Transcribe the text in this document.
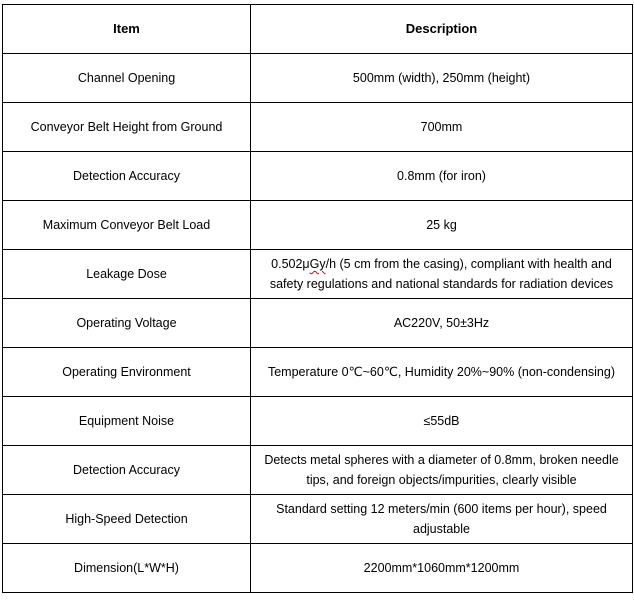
Item	Description
Channel Opening	500mm (width), 250mm (height)
Conveyor Belt Height from Ground	700mm
Detection Accuracy	0.8mm (for iron)
Maximum Conveyor Belt Load	25 kg
Leakage Dose	0.502μGy/h (5 cm from the casing), compliant with health and safety regulations and national standards for radiation devices
Operating Voltage	AC220V, 50±3Hz
Operating Environment	Temperature 0℃~60℃, Humidity 20%~90% (non-condensing)
Equipment Noise	≤55dB
Detection Accuracy	Detects metal spheres with a diameter of 0.8mm, broken needle tips, and foreign objects/impurities, clearly visible
High-Speed Detection	Standard setting 12 meters/min (600 items per hour), speed adjustable
Dimension(L*W*H)	2200mm*1060mm*1200mm
